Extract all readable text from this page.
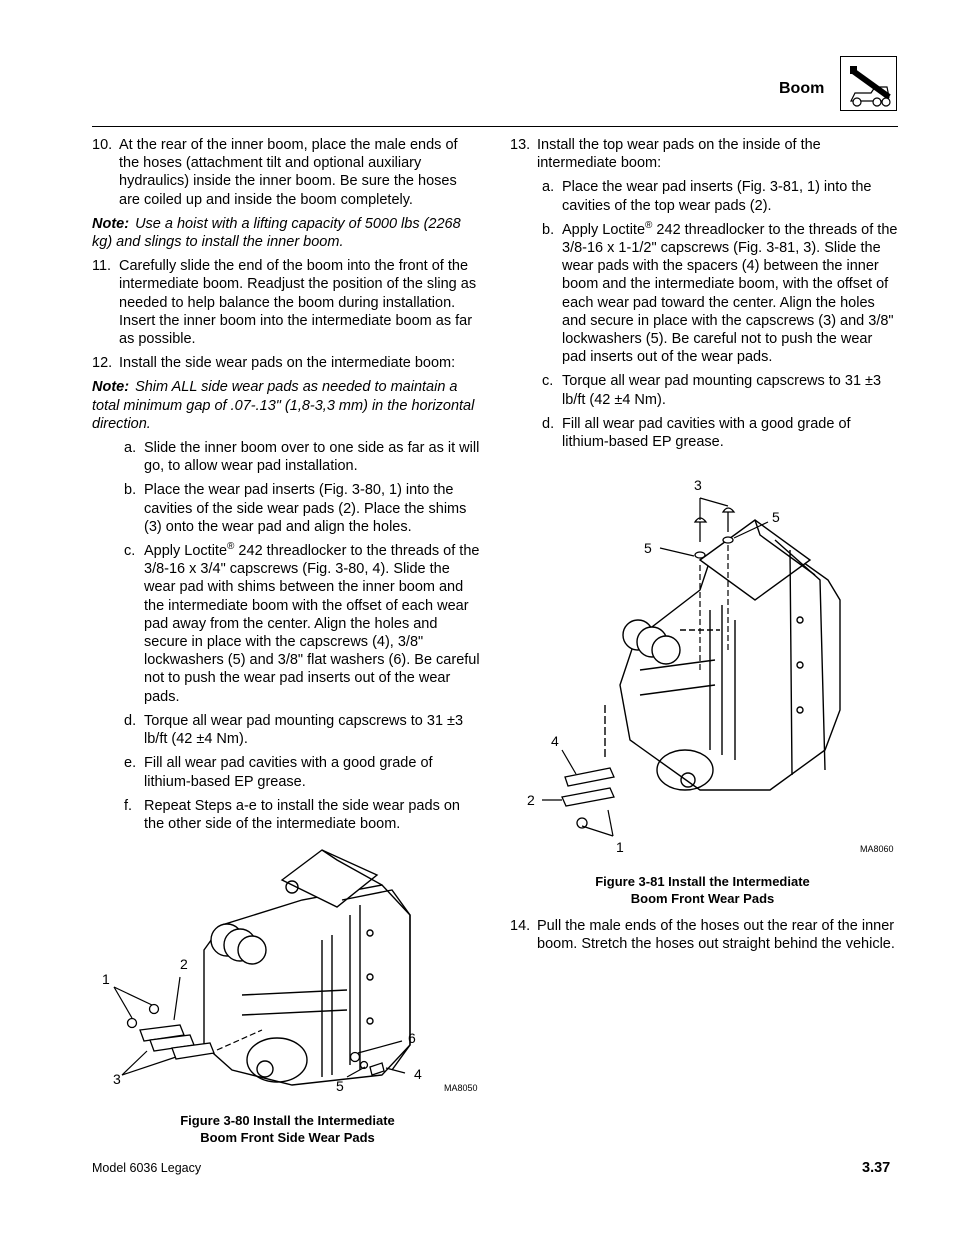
Boom
10. At the rear of the inner boom, place the male ends of the hoses (attachment tilt and optional auxiliary hydraulics) inside the inner boom. Be sure the hoses are coiled up and inside the boom completely.
Note: Use a hoist with a lifting capacity of 5000 lbs (2268 kg) and slings to install the inner boom.
11. Carefully slide the end of the boom into the front of the intermediate boom. Readjust the position of the sling as needed to help balance the boom during installation. Insert the inner boom into the intermediate boom as far as possible.
12. Install the side wear pads on the intermediate boom:
Note: Shim ALL side wear pads as needed to maintain a total minimum gap of .07-.13" (1,8-3,3 mm) in the horizontal direction.
a. Slide the inner boom over to one side as far as it will go, to allow wear pad installation.
b. Place the wear pad inserts (Fig. 3-80, 1) into the cavities of the side wear pads (2). Place the shims (3) onto the wear pad and align the holes.
c. Apply Loctite® 242 threadlocker to the threads of the 3/8-16 x 3/4" capscrews (Fig. 3-80, 4). Slide the wear pad with shims between the inner boom and the intermediate boom with the offset of each wear pad away from the center. Align the holes and secure in place with the capscrews (4), 3/8" lockwashers (5) and 3/8" flat washers (6). Be careful not to push the wear pad inserts out of the wear pads.
d. Torque all wear pad mounting capscrews to 31 ±3 lb/ft (42 ±4 Nm).
e. Fill all wear pad cavities with a good grade of lithium-based EP grease.
f. Repeat Steps a-e to install the side wear pads on the other side of the intermediate boom.
1
2
3	4
5
6
MA8050
Figure 3-80 Install the Intermediate
Boom Front Side Wear Pads
13. Install the top wear pads on the inside of the intermediate boom:
a. Place the wear pad inserts (Fig. 3-81, 1) into the cavities of the top wear pads (2).
b. Apply Loctite® 242 threadlocker to the threads of the 3/8-16 x 1-1/2" capscrews (Fig. 3-81, 3). Slide the wear pads with the spacers (4) between the inner boom and the intermediate boom, with the offset of each wear pad toward the center. Align the holes and secure in place with the capscrews (3) and 3/8" lockwashers (5). Be careful not to push the wear pad inserts out of the wear pads.
c. Torque all wear pad mounting capscrews to 31 ±3 lb/ft (42 ±4 Nm).
d. Fill all wear pad cavities with a good grade of lithium-based EP grease.
3
5
5
4
2
1	MA8060
Figure 3-81 Install the Intermediate
Boom Front Wear Pads
14. Pull the male ends of the hoses out the rear of the inner boom. Stretch the hoses out straight behind the vehicle.
Model 6036 Legacy	3.37
